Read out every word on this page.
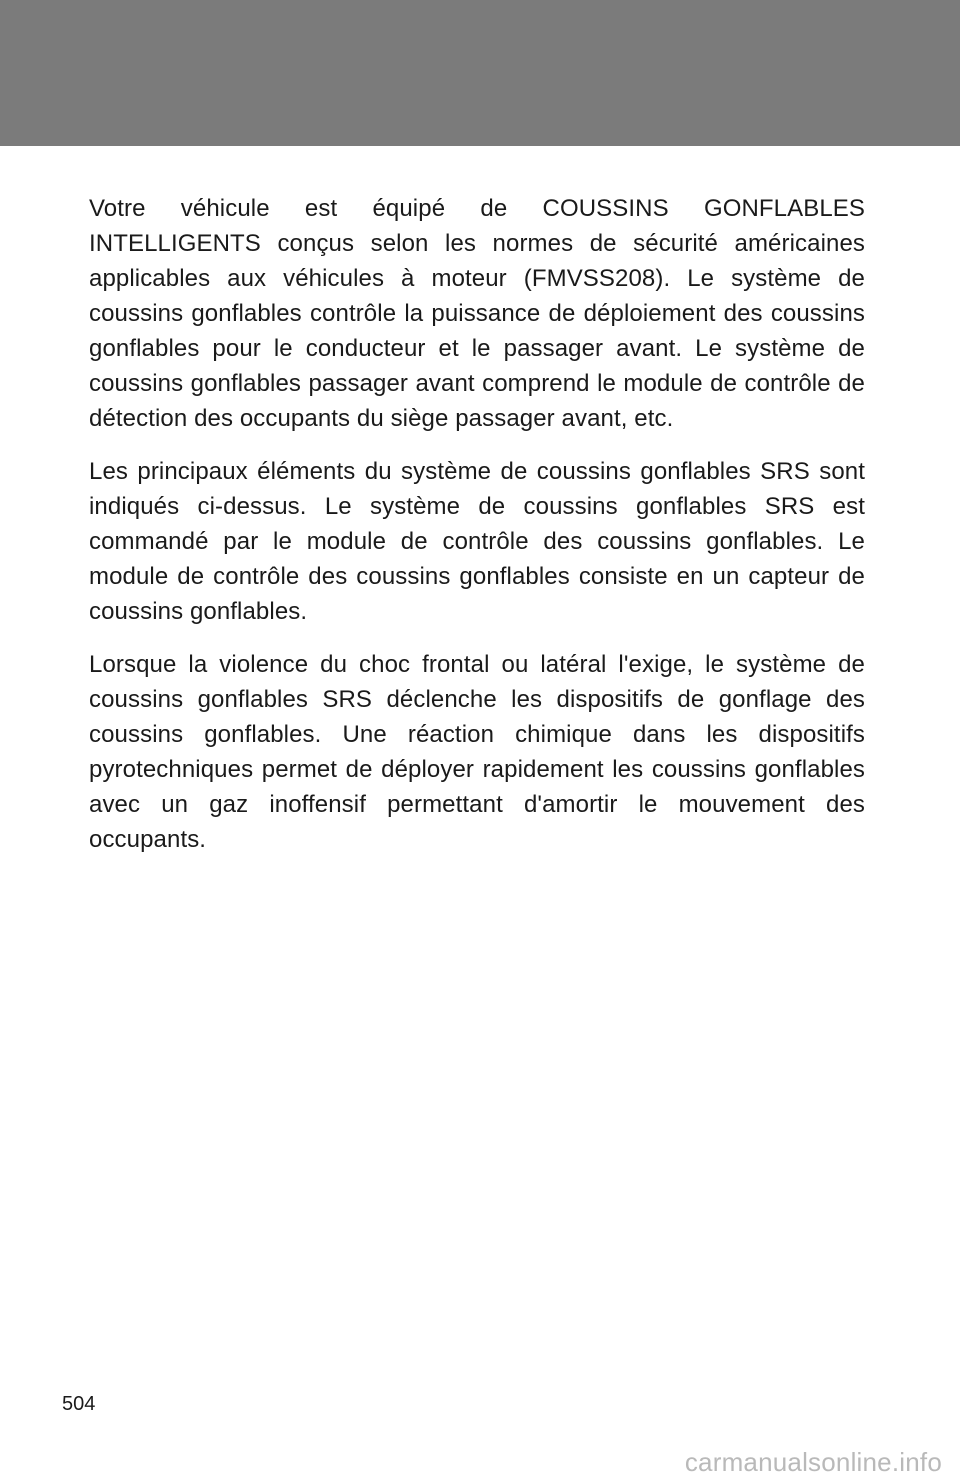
Votre véhicule est équipé de COUSSINS GONFLABLES INTELLIGENTS conçus selon les normes de sécurité américaines applicables aux véhicules à moteur (FMVSS208). Le système de coussins gonflables contrôle la puissance de déploiement des coussins gonflables pour le conducteur et le passager avant. Le système de coussins gonflables passager avant comprend le module de contrôle de détection des occupants du siège passager avant, etc.

Les principaux éléments du système de coussins gonflables SRS sont indiqués ci-dessus. Le système de coussins gonflables SRS est commandé par le module de contrôle des coussins gonflables. Le module de contrôle des coussins gonflables consiste en un capteur de coussins gonflables.

Lorsque la violence du choc frontal ou latéral l'exige, le système de coussins gonflables SRS déclenche les dispositifs de gonflage des coussins gonflables. Une réaction chimique dans les dispositifs pyrotechniques permet de déployer rapidement les coussins gonflables avec un gaz inoffensif permettant d'amortir le mouvement des occupants.

504
carmanualsonline.info
